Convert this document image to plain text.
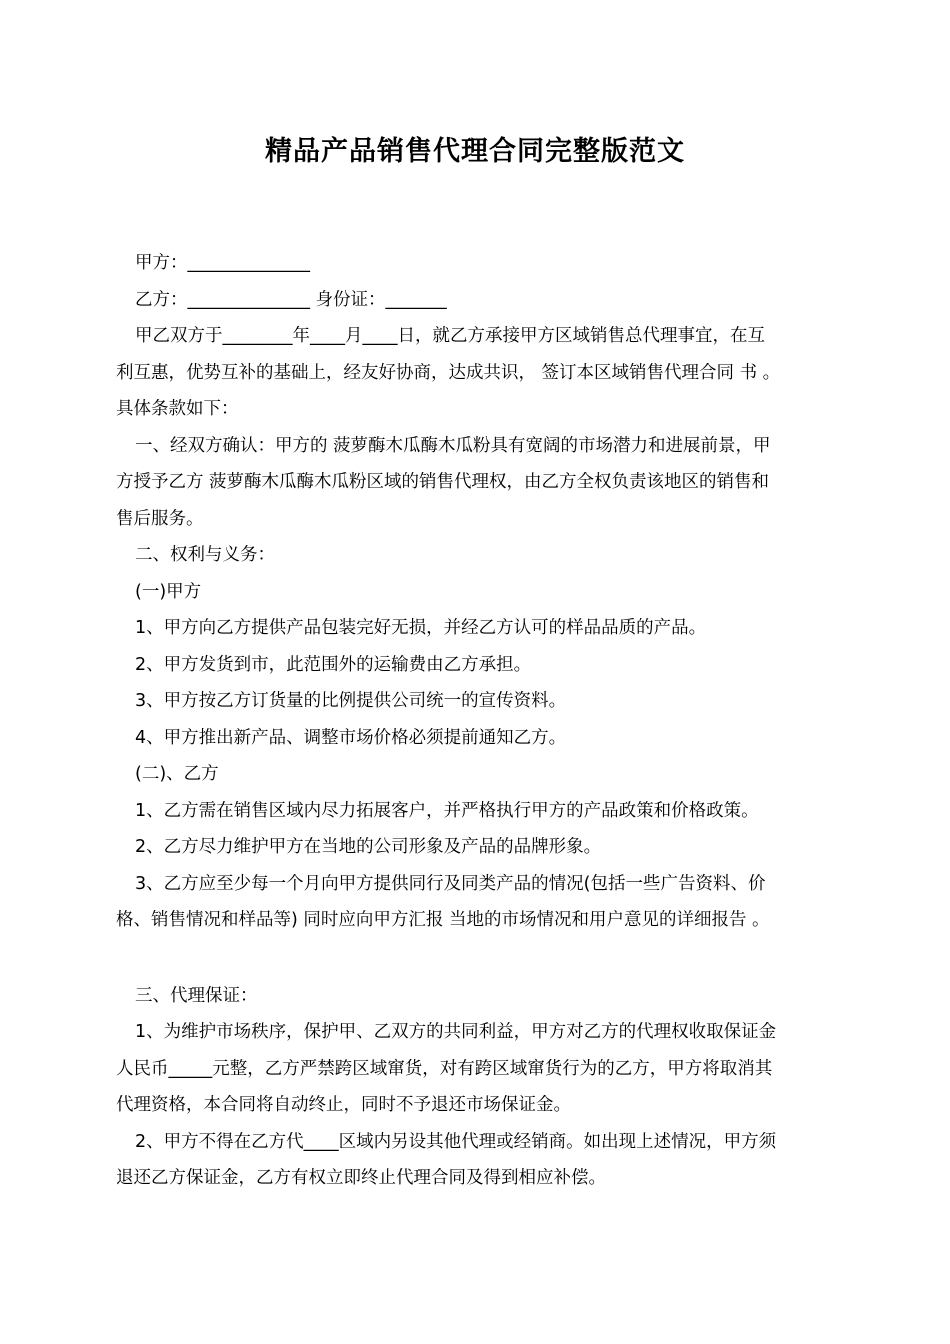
精品产品销售代理合同完整版范文

甲方：______________

乙方：______________ 身份证：_______

甲乙双方于________年____月____日，就乙方承接甲方区域销售总代理事宜，在互

利互惠，优势互补的基础上，经友好协商，达成共识， 签订本区域销售代理合同 书 。

具体条款如下：

一、经双方确认：甲方的 菠萝酶木瓜酶木瓜粉具有宽阔的市场潜力和进展前景，甲

方授予乙方 菠萝酶木瓜酶木瓜粉区域的销售代理权，由乙方全权负责该地区的销售和

售后服务。

二、权利与义务：

(一)甲方

1、甲方向乙方提供产品包装完好无损，并经乙方认可的样品品质的产品。

2、甲方发货到市，此范围外的运输费由乙方承担。

3、甲方按乙方订货量的比例提供公司统一的宣传资料。

4、甲方推出新产品、调整市场价格必须提前通知乙方。

(二)、乙方

1、乙方需在销售区域内尽力拓展客户，并严格执行甲方的产品政策和价格政策。

2、乙方尽力维护甲方在当地的公司形象及产品的品牌形象。

3、乙方应至少每一个月向甲方提供同行及同类产品的情况(包括一些广告资料、价

格、销售情况和样品等) 同时应向甲方汇报 当地的市场情况和用户意见的详细报告 。

三、代理保证：

1、为维护市场秩序，保护甲、乙双方的共同利益，甲方对乙方的代理权收取保证金

人民币_____元整，乙方严禁跨区域窜货，对有跨区域窜货行为的乙方，甲方将取消其

代理资格，本合同将自动终止，同时不予退还市场保证金。

2、甲方不得在乙方代____区域内另设其他代理或经销商。如出现上述情况，甲方须

退还乙方保证金，乙方有权立即终止代理合同及得到相应补偿。
